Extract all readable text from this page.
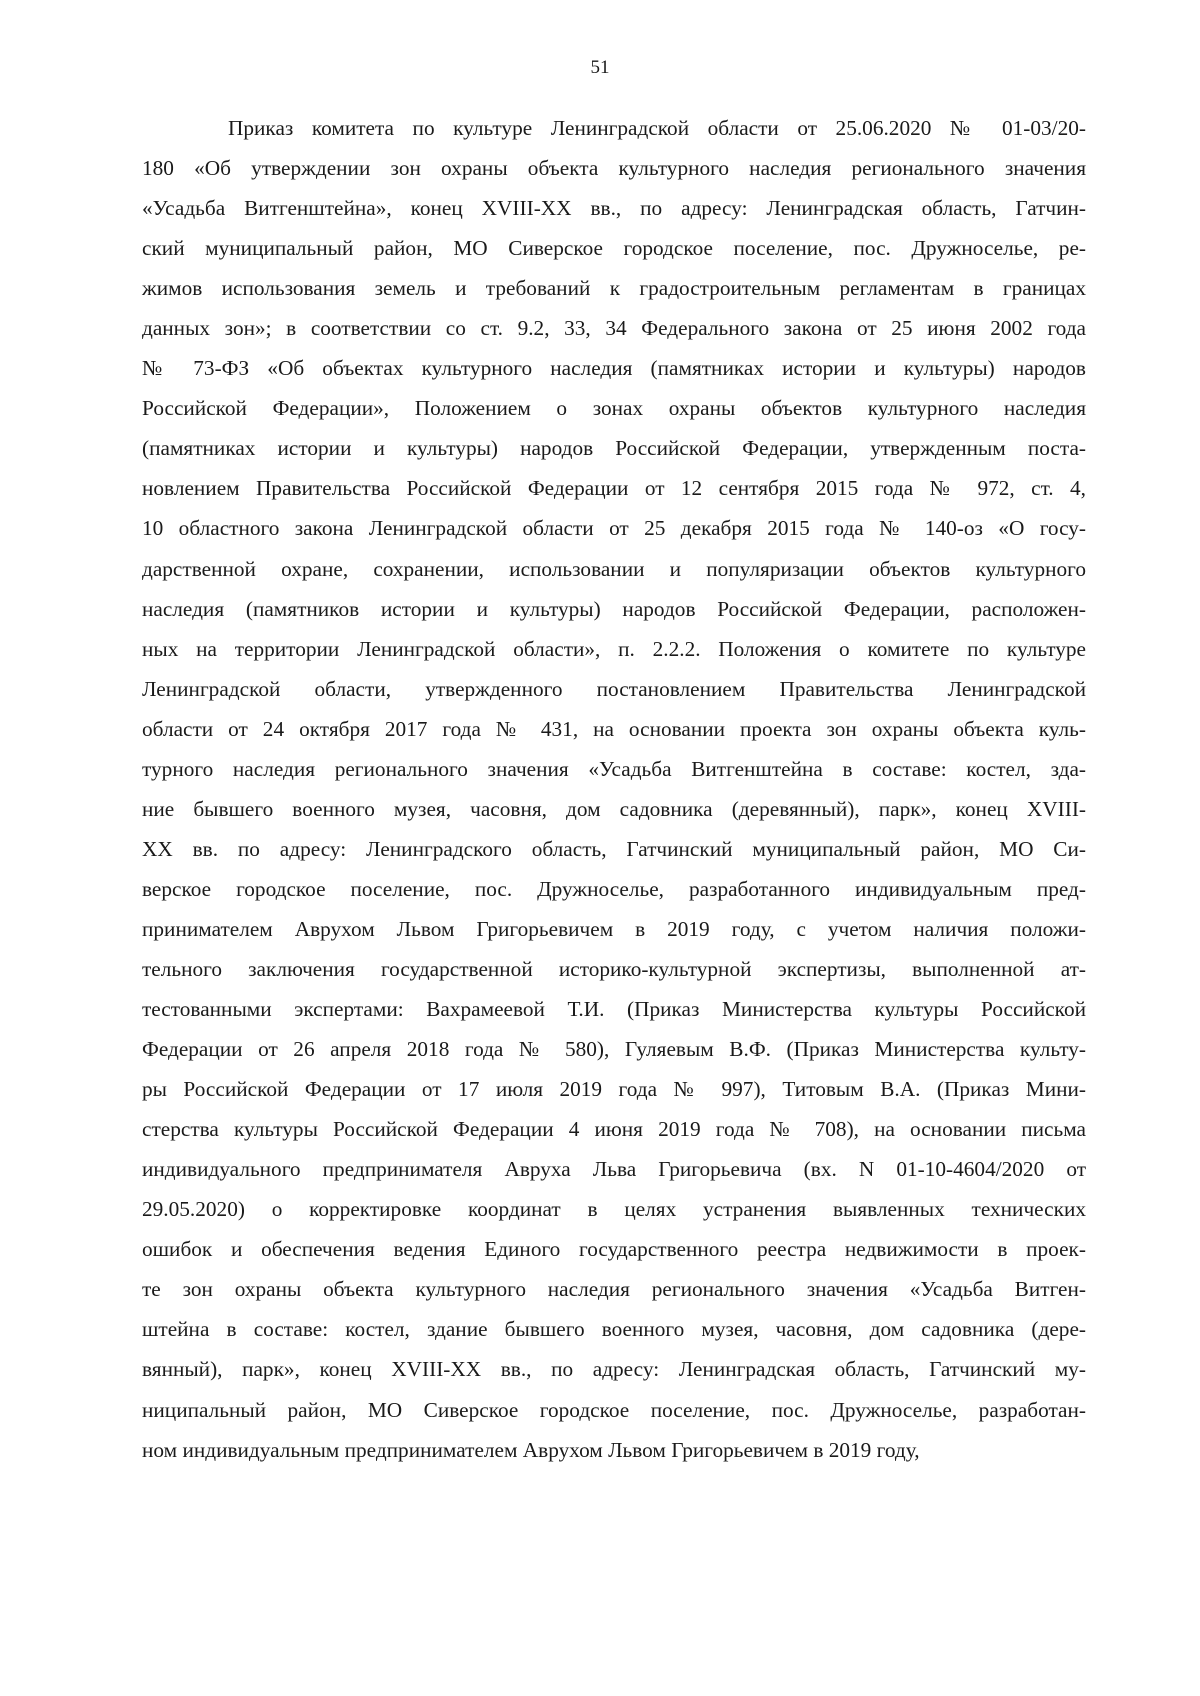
51
Приказ комитета по культуре Ленинградской области от 25.06.2020 № 01-03/20-
180 «Об утверждении зон охраны объекта культурного наследия регионального значения
«Усадьба Витгенштейна», конец XVIII-XX вв., по адресу: Ленинградская область, Гатчин-
ский муниципальный район, МО Сиверское городское поселение, пос. Дружноселье, ре-
жимов использования земель и требований к градостроительным регламентам в границах
данных зон»; в соответствии со ст. 9.2, 33, 34 Федерального закона от 25 июня 2002 года
№ 73-ФЗ «Об объектах культурного наследия (памятниках истории и культуры) народов
Российской Федерации», Положением о зонах охраны объектов культурного наследия
(памятниках истории и культуры) народов Российской Федерации, утвержденным поста-
новлением Правительства Российской Федерации от 12 сентября 2015 года № 972, ст. 4,
10 областного закона Ленинградской области от 25 декабря 2015 года № 140-оз «О госу-
дарственной охране, сохранении, использовании и популяризации объектов культурного
наследия (памятников истории и культуры) народов Российской Федерации, расположен-
ных на территории Ленинградской области», п. 2.2.2. Положения о комитете по культуре
Ленинградской области, утвержденного постановлением Правительства Ленинградской
области от 24 октября 2017 года № 431, на основании проекта зон охраны объекта куль-
турного наследия регионального значения «Усадьба Витгенштейна в составе: костел, зда-
ние бывшего военного музея, часовня, дом садовника (деревянный), парк», конец XVIII-
XX вв. по адресу: Ленинградского область, Гатчинский муниципальный район, МО Си-
верское городское поселение, пос. Дружноселье, разработанного индивидуальным пред-
принимателем Аврухом Львом Григорьевичем в 2019 году, с учетом наличия положи-
тельного заключения государственной историко-культурной экспертизы, выполненной ат-
тестованными экспертами: Вахрамеевой Т.И. (Приказ Министерства культуры Российской
Федерации от 26 апреля 2018 года № 580), Гуляевым В.Ф. (Приказ Министерства культу-
ры Российской Федерации от 17 июля 2019 года № 997), Титовым В.А. (Приказ Мини-
стерства культуры Российской Федерации 4 июня 2019 года № 708), на основании письма
индивидуального предпринимателя Авруха Льва Григорьевича (вх. N 01-10-4604/2020 от
29.05.2020) о корректировке координат в целях устранения выявленных технических
ошибок и обеспечения ведения Единого государственного реестра недвижимости в проек-
те зон охраны объекта культурного наследия регионального значения «Усадьба Витген-
штейна в составе: костел, здание бывшего военного музея, часовня, дом садовника (дере-
вянный), парк», конец XVIII-XX вв., по адресу: Ленинградская область, Гатчинский му-
ниципальный район, МО Сиверское городское поселение, пос. Дружноселье, разработан-
ном индивидуальным предпринимателем Аврухом Львом Григорьевичем в 2019 году,
